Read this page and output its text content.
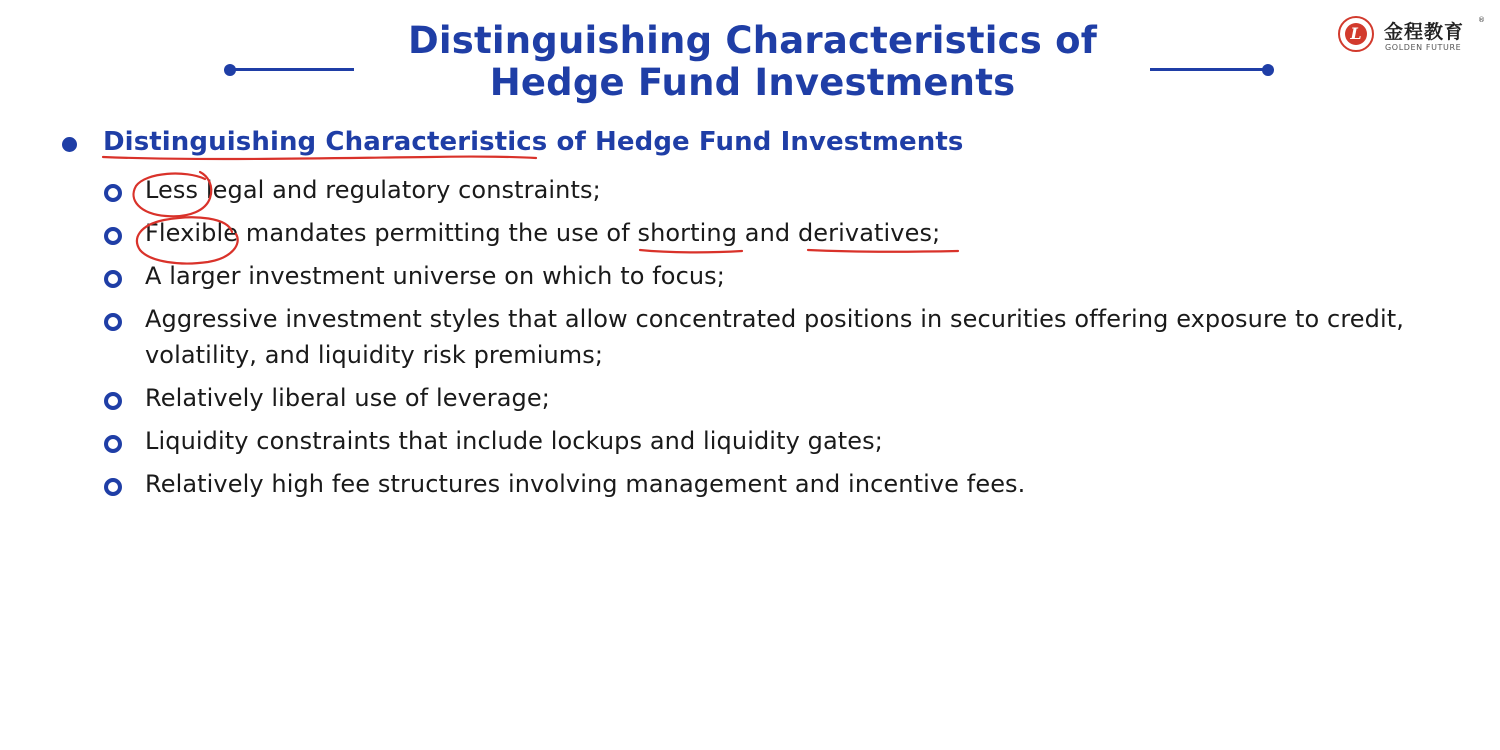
Distinguishing Characteristics of
Hedge Fund Investments
L 金程教育
®
GOLDEN FUTURE
Distinguishing Characteristics of Hedge Fund Investments
Less legal and regulatory constraints;
Flexible mandates permitting the use of shorting and derivatives;
A larger investment universe on which to focus;
Aggressive investment styles that allow concentrated positions in securities offering exposure to credit, volatility, and liquidity risk premiums;
Relatively liberal use of leverage;
Liquidity constraints that include lockups and liquidity gates;
Relatively high fee structures involving management and incentive fees.
